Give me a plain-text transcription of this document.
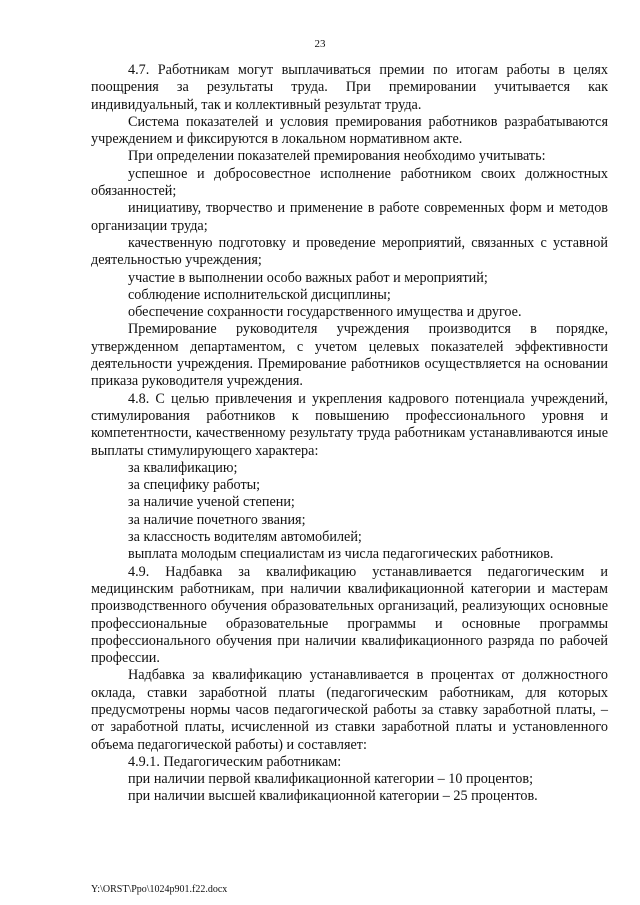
23

4.7. Работникам могут выплачиваться премии по итогам работы в целях поощрения за результаты труда. При премировании учитывается как индивидуальный, так и коллективный результат труда.

Система показателей и условия премирования работников разрабатываются учреждением и фиксируются в локальном нормативном акте.

При определении показателей премирования необходимо учитывать:

успешное и добросовестное исполнение работником своих должностных обязанностей;

инициативу, творчество и применение в работе современных форм и методов организации труда;

качественную подготовку и проведение мероприятий, связанных с уставной деятельностью учреждения;

участие в выполнении особо важных работ и мероприятий;

соблюдение исполнительской дисциплины;

обеспечение сохранности государственного имущества и другое.

Премирование руководителя учреждения производится в порядке, утвержденном департаментом, с учетом целевых показателей эффективности деятельности учреждения. Премирование работников осуществляется на основании приказа руководителя учреждения.

4.8. С целью привлечения и укрепления кадрового потенциала учреждений, стимулирования работников к повышению профессионального уровня и компетентности, качественному результату труда работникам устанавливаются иные выплаты стимулирующего характера:

за квалификацию;

за специфику работы;

за наличие ученой степени;

за наличие почетного звания;

за классность водителям автомобилей;

выплата молодым специалистам из числа педагогических работников.

4.9. Надбавка за квалификацию устанавливается педагогическим и медицинским работникам, при наличии квалификационной категории и мастерам производственного обучения образовательных организаций, реализующих основные профессиональные образовательные программы и основные программы профессионального обучения при наличии квалификационного разряда по рабочей профессии.

Надбавка за квалификацию устанавливается в процентах от должностного оклада, ставки заработной платы (педагогическим работникам, для которых предусмотрены нормы часов педагогической работы за ставку заработной платы, – от заработной платы, исчисленной из ставки заработной платы и установленного объема педагогической работы) и составляет:

4.9.1. Педагогическим работникам:

при наличии первой квалификационной категории – 10 процентов;

при наличии высшей квалификационной категории – 25 процентов.

Y:\ORST\Ppo\1024p901.f22.docx
